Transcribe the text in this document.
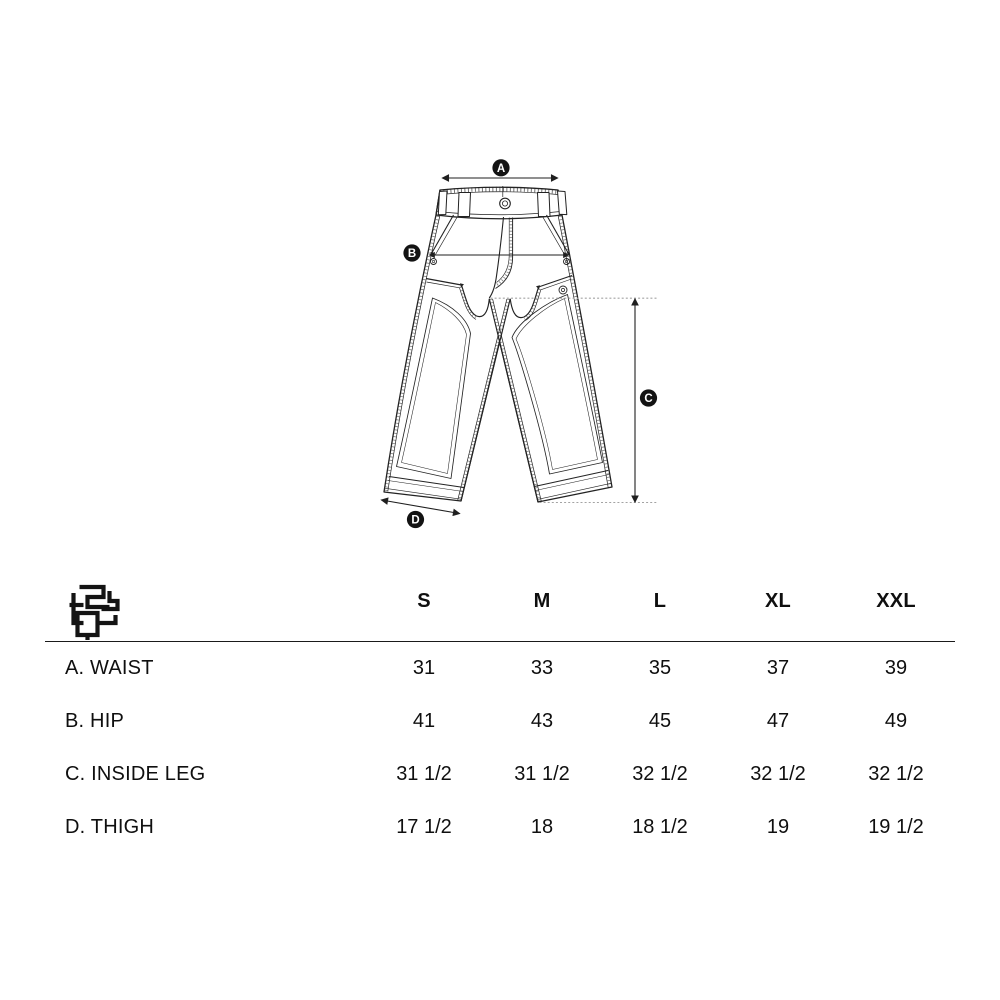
A
B
C
D
S	M	L	XL	XXL
A. WAIST	31	33	35	37	39
B. HIP	41	43	45	47	49
C. INSIDE LEG	31 1/2	31 1/2	32 1/2	32 1/2	32 1/2
D. THIGH	17 1/2	18	18 1/2	19	19 1/2
